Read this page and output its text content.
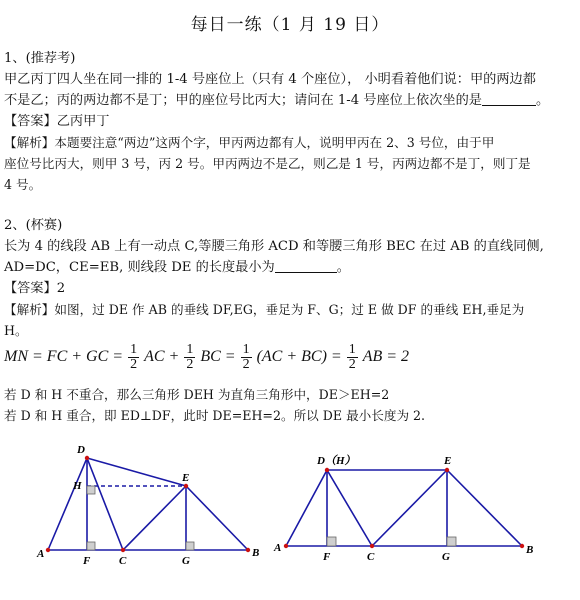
每日一练（1 月 19 日）
1、(推荐考)
甲乙丙丁四人坐在同一排的 1-4 号座位上（只有 4 个座位）， 小明看着他们说：甲的两边都
不是乙；丙的两边都不是丁；甲的座位号比丙大；请问在 1-4 号座位上依次坐的是	。
【答案】乙丙甲丁
【解析】本题要注意“两边”这两个字，甲丙两边都有人，说明甲丙在 2、3 号位，由于甲
座位号比丙大，则甲 3 号，丙 2 号。甲丙两边不是乙，则乙是 1 号，丙两边都不是丁，则丁是
4 号。
2、(杯赛)
长为 4 的线段 AB 上有一动点 C,等腰三角形 ACD 和等腰三角形 BEC 在过 AB 的直线同侧,
AD=DC，CE=EB, 则线段 DE 的长度最小为	。
【答案】2
【解析】如图，过 DE 作 AB 的垂线 DF,EG，垂足为 F、G；过 E 做 DF 的垂线 EH,垂足为
H。
MN = FC + GC = $\frac{1}{2}$ AC + $\frac{1}{2}$ BC = $\frac{1}{2} (AC + BC) = \frac{1}{2}$ AB = 2
若 D 和 H 不重合，那么三角形 DEH 为直角三角形中，DE＞EH=2
若 D 和 H 重合，即 ED⊥DF，此时 DE=EH=2。所以 DE 最小长度为 2.
A	B
C
D
E
F	G
H
A	B
C
D（H）	E
F	G
